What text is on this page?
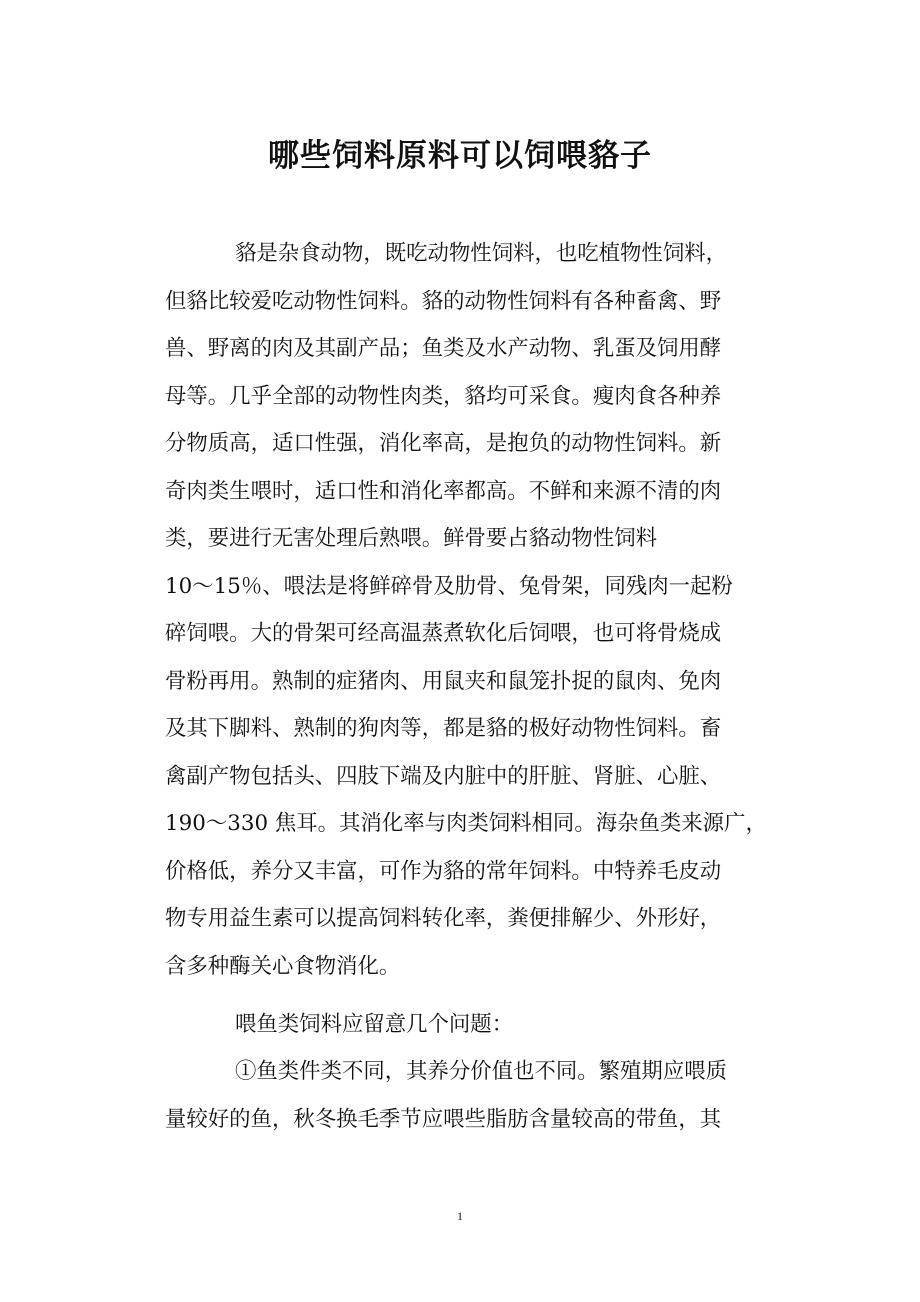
哪些饲料原料可以饲喂貉子
貉是杂食动物，既吃动物性饲料，也吃植物性饲料，
但貉比较爱吃动物性饲料。貉的动物性饲料有各种畜禽、野
兽、野离的肉及其副产品；鱼类及水产动物、乳蛋及饲用酵
母等。几乎全部的动物性肉类，貉均可采食。瘦肉食各种养
分物质高，适口性强，消化率高，是抱负的动物性饲料。新
奇肉类生喂时，适口性和消化率都高。不鲜和来源不清的肉
类，要进行无害处理后熟喂。鲜骨要占貉动物性饲料
10～15％、喂法是将鲜碎骨及肋骨、兔骨架，同残肉一起粉
碎饲喂。大的骨架可经高温蒸煮软化后饲喂，也可将骨烧成
骨粉再用。熟制的症猪肉、用鼠夹和鼠笼扑捉的鼠肉、免肉
及其下脚料、熟制的狗肉等，都是貉的极好动物性饲料。畜
禽副产物包括头、四肢下端及内脏中的肝脏、肾脏、心脏、
190～330 焦耳。其消化率与肉类饲料相同。海杂鱼类来源广，
价格低，养分又丰富，可作为貉的常年饲料。中特养毛皮动
物专用益生素可以提高饲料转化率，粪便排解少、外形好，
含多种酶关心食物消化。
喂鱼类饲料应留意几个问题：
①鱼类件类不同，其养分价值也不同。繁殖期应喂质
量较好的鱼，秋冬换毛季节应喂些脂肪含量较高的带鱼，其
1
